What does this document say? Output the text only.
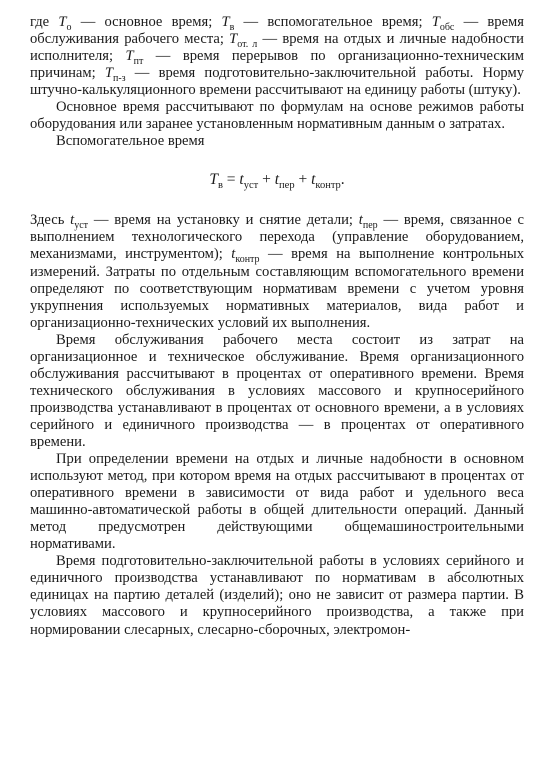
где $T_о$ — основное время; $T_в$ — вспомогательное время; $T_{обс}$ — время обслуживания рабочего места; $T_{от. л}$ — время на отдых и личные надобности исполнителя; $T_{пт}$ — время перерывов по организационно-техническим причинам; $T_{п-з}$ — время подготовительно-заключительной работы. Норму штучно-калькуляционного времени рассчитывают на единицу работы (штуку).

Основное время рассчитывают по формулам на основе режимов работы оборудования или заранее установленным нормативным данным о затратах.

Вспомогательное время

$T_в = t_{уст} + t_{пер} + t_{контр}$.

Здесь $t_{уст}$ — время на установку и снятие детали; $t_{пер}$ — время, связанное с выполнением технологического перехода (управление оборудованием, механизмами, инструментом); $t_{контр}$ — время на выполнение контрольных измерений. Затраты по отдельным составляющим вспомогательного времени определяют по соответствующим нормативам времени с учетом уровня укрупнения используемых нормативных материалов, вида работ и организационно-технических условий их выполнения.

Время обслуживания рабочего места состоит из затрат на организационное и техническое обслуживание. Время организационного обслуживания рассчитывают в процентах от оперативного времени. Время технического обслуживания в условиях массового и крупносерийного производства устанавливают в процентах от основного времени, а в условиях серийного и единичного производства — в процентах от оперативного времени.

При определении времени на отдых и личные надобности в основном используют метод, при котором время на отдых рассчитывают в процентах от оперативного времени в зависимости от вида работ и удельного веса машинно-автоматической работы в общей длительности операций. Данный метод предусмотрен действующими общемашиностроительными нормативами.

Время подготовительно-заключительной работы в условиях серийного и единичного производства устанавливают по нормативам в абсолютных единицах на партию деталей (изделий); оно не зависит от размера партии. В условиях массового и крупносерийного производства, а также при нормировании слесарных, слесарно-сборочных, электромон-
